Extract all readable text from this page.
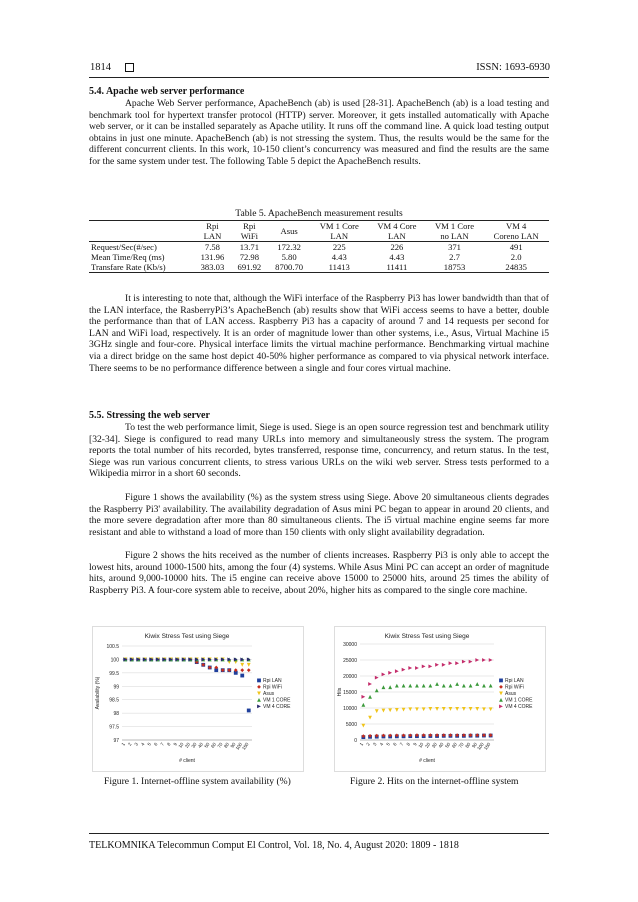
1814	ISSN: 1693-6930
5.4. Apache web server performance

Apache Web Server performance, ApacheBench (ab) is used [28-31]. ApacheBench (ab) is a load testing and benchmark tool for hypertext transfer protocol (HTTP) server. Moreover, it gets installed automatically with Apache web server, or it can be installed separately as Apache utility. It runs off the command line. A quick load testing output obtains in just one minute. ApacheBench (ab) is not stressing the system. Thus, the results would be the same for the different concurrent clients. In this work, 10-150 client’s concurrency was measured and find the results are the same for the same system under test. The following Table 5 depict the ApacheBench results.

Table 5. ApacheBench measurement results
	Rpi	Rpi	Asus	VM 1 Core	VM 4 Core	VM 1 Core	VM 4
	LAN	WiFi		LAN	LAN	no LAN	Coreno LAN
Request/Sec(#/sec)	7.58	13.71	172.32	225	226	371	491
Mean Time/Req (ms)	131.96	72.98	5.80	4.43	4.43	2.7	2.0
Transfare Rate (Kb/s)	383.03	691.92	8700.70	11413	11411	18753	24835

It is interesting to note that, although the WiFi interface of the Raspberry Pi3 has lower bandwidth than that of the LAN interface, the RasberryPi3’s ApacheBench (ab) results show that WiFi access seems to have a better, double the performance than that of LAN access. Raspberry Pi3 has a capacity of around 7 and 14 requests per second for LAN and WiFi load, respectively. It is an order of magnitude lower than other systems, i.e., Asus, Virtual Machine i5 3GHz single and four-core. Physical interface limits the virtual machine performance. Benchmarking virtual machine via a direct bridge on the same host depict 40-50% higher performance as compared to via physical network interface. There seems to be no performance difference between a single and four cores virtual machine.

5.5. Stressing the web server

To test the web performance limit, Siege is used. Siege is an open source regression test and benchmark utility [32-34]. Siege is configured to read many URLs into memory and simultaneously stress the system. The program reports the total number of hits recorded, bytes transferred, response time, concurrency, and return status. In the test, Siege was run various concurrent clients, to stress various URLs on the wiki web server. Stress tests performed to a Wikipedia mirror in a short 60 seconds.

Figure 1 shows the availability (%) as the system stress using Siege. Above 20 simultaneous clients degrades the Raspberry Pi3' availability. The availability degradation of Asus mini PC began to appear in around 20 clients, and the more severe degradation after more than 80 simultaneous clients. The i5 virtual machine engine seems far more resistant and able to withstand a load of more than 150 clients with only slight availability degradation.

Figure 2 shows the hits received as the number of clients increases. Raspberry Pi3 is only able to accept the lowest hits, around 1000-1500 hits, among the four (4) systems. While Asus Mini PC can accept an order of magnitude hits, around 9,000-10000 hits. The i5 engine can receive above 15000 to 25000 hits, around 25 times the ability of Raspberry Pi3. A four-core system able to receive, about 20%, higher hits as compared to the single core machine.

Kiwix Stress Test using Siege
97
97.5
98
98.5
99
99.5
100
100.5
1 2 3 4 5 6 7 8 9 10 20 30 40 50 60 70 80 90
100
150
# client
Availability (%)	Rpi LAN
Rpi WiFi
Asus
VM 1 CORE
VM 4 CORE
Kiwix Stress Test using Siege
0
5000
10000
15000
20000
25000
30000
1 2 3 4 5 6 7 8 9 10 20 30 40 50 60 70 80 90
100
150
# client
Hits
Rpi LAN
Rpi WiFi
Asus
VM 1 CORE
VM 4 CORE
Figure 1. Internet-offline system availability (%)	Figure 2. Hits on the internet-offline system
TELKOMNIKA Telecommun Comput El Control, Vol. 18, No. 4, August 2020: 1809 - 1818
